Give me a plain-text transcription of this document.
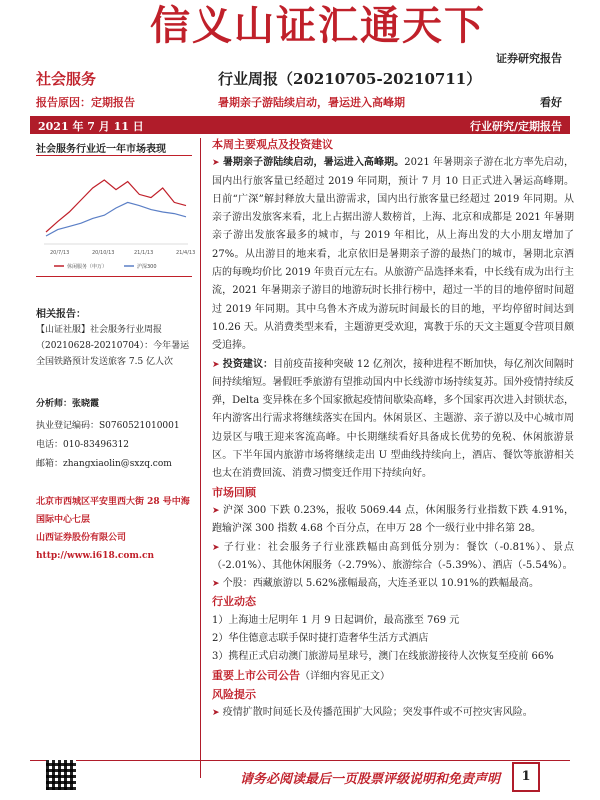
信义山证汇通天下
证券研究报告
社会服务	行业周报（20210705-20210711）
报告原因：定期报告	暑期亲子游陆续启动，暑运进入高峰期	看好
2021 年 7 月 11 日	行业研究/定期报告
社会服务行业近一年市场表现
20/7/13	20/10/13	21/1/13	21/4/13
休闲服务（申万）	沪深300
相关报告：
【山证社服】社会服务行业周报（20210628-20210704）：今年暑运全国铁路预计发送旅客 7.5 亿人次
分析师：张晓霞
执业登记编码：S0760521010001
电话：010-83496312
邮箱：zhangxiaolin@sxzq.com
北京市西城区平安里西大街 28 号中海国际中心七层
山西证券股份有限公司
http://www.i618.com.cn
本周主要观点及投资建议
➤ 暑期亲子游陆续启动，暑运进入高峰期。2021 年暑期亲子游在北方率先启动，国内出行旅客量已经超过 2019 年同期，预计 7 月 10 日正式进入暑运高峰期。日前“广深”解封释放大量出游需求，国内出行旅客量已经超过 2019 年同期。从亲子游出发旅客来看，北上占据出游人数榜首，上海、北京和成都是 2021 年暑期亲子游出发旅客最多的城市，与 2019 年相比，从上海出发的大小朋友增加了 27%。从出游目的地来看，北京依旧是暑期亲子游的最热门的城市，暑期北京酒店的每晚均价比 2019 年贵百元左右。从旅游产品选择来看，中长线有成为出行主流，2021 年暑期亲子游目的地游玩时长排行榜中，超过一半的目的地停留时间超过 2019 年同期。其中乌鲁木齐成为游玩时间最长的目的地，平均停留时间达到 10.26 天。从消费类型来看，主题游更受欢迎，寓教于乐的天文主题夏令营项目颇受追捧。
➤ 投资建议：目前疫苗接种突破 12 亿剂次，接种进程不断加快，每亿剂次间隔时间持续缩短。暑假旺季旅游有望推动国内中长线游市场持续复苏。国外疫情持续反弹，Delta 变异株在多个国家掀起疫情间歇染高峰，多个国家再次进入封锁状态，年内游客出行需求将继续落实在国内。休闲景区、主题游、亲子游以及中心城市周边景区与哦王迎来客流高峰。中长期继续看好具备成长优势的免税、休闲旅游景区。下半年国内旅游市场将继续走出 U 型曲线持续向上，酒店、餐饮等旅游相关也太在消费回流、消费习惯变迁作用下持续向好。
市场回顾
➤ 沪深 300 下跌 0.23%，报收 5069.44 点，休闲服务行业指数下跌 4.91%，跑输沪深 300 指数 4.68 个百分点，在申万 28 个一级行业中排名第 28。
➤ 子行业：社会服务子行业涨跌幅由高到低分别为：餐饮（-0.81%）、景点（-2.01%）、其他休闲服务（-2.79%）、旅游综合（-5.39%）、酒店（-5.54%）。
➤ 个股：西藏旅游以 5.62%涨幅最高，大连圣亚以 10.91%的跌幅最高。
行业动态
1）上海迪士尼明年 1 月 9 日起调价，最高涨至 769 元
2）华住德意志联手保时捷打造奢华生活方式酒店
3）携程正式启动澳门旅游局星球号，澳门在线旅游接待人次恢复至疫前 66%
重要上市公司公告（详细内容见正文）
风险提示
➤ 疫情扩散时间延长及传播范围扩大风险；突发事件或不可控灾害风险。
请务必阅读最后一页股票评级说明和免责声明	1
